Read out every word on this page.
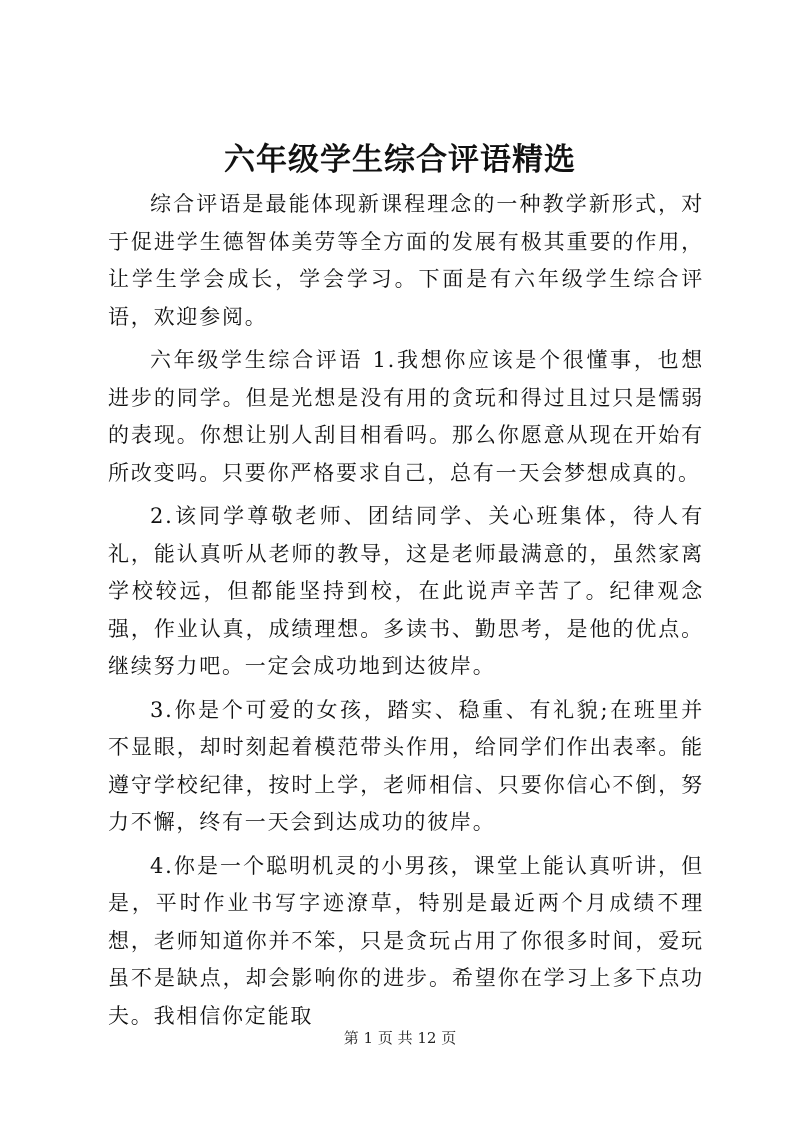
六年级学生综合评语精选

综合评语是最能体现新课程理念的一种教学新形式，对于促进学生德智体美劳等全方面的发展有极其重要的作用，让学生学会成长，学会学习。下面是有六年级学生综合评语，欢迎参阅。

六年级学生综合评语 1.我想你应该是个很懂事，也想进步的同学。但是光想是没有用的贪玩和得过且过只是懦弱的表现。你想让别人刮目相看吗。那么你愿意从现在开始有所改变吗。只要你严格要求自己，总有一天会梦想成真的。

2.该同学尊敬老师、团结同学、关心班集体，待人有礼，能认真听从老师的教导，这是老师最满意的，虽然家离学校较远，但都能坚持到校，在此说声辛苦了。纪律观念强，作业认真，成绩理想。多读书、勤思考，是他的优点。继续努力吧。一定会成功地到达彼岸。

3.你是个可爱的女孩，踏实、稳重、有礼貌;在班里并不显眼，却时刻起着模范带头作用，给同学们作出表率。能遵守学校纪律，按时上学，老师相信、只要你信心不倒，努力不懈，终有一天会到达成功的彼岸。

4.你是一个聪明机灵的小男孩，课堂上能认真听讲，但是，平时作业书写字迹潦草，特别是最近两个月成绩不理想，老师知道你并不笨，只是贪玩占用了你很多时间，爱玩虽不是缺点，却会影响你的进步。希望你在学习上多下点功夫。我相信你定能取

第 1 页 共 12 页
